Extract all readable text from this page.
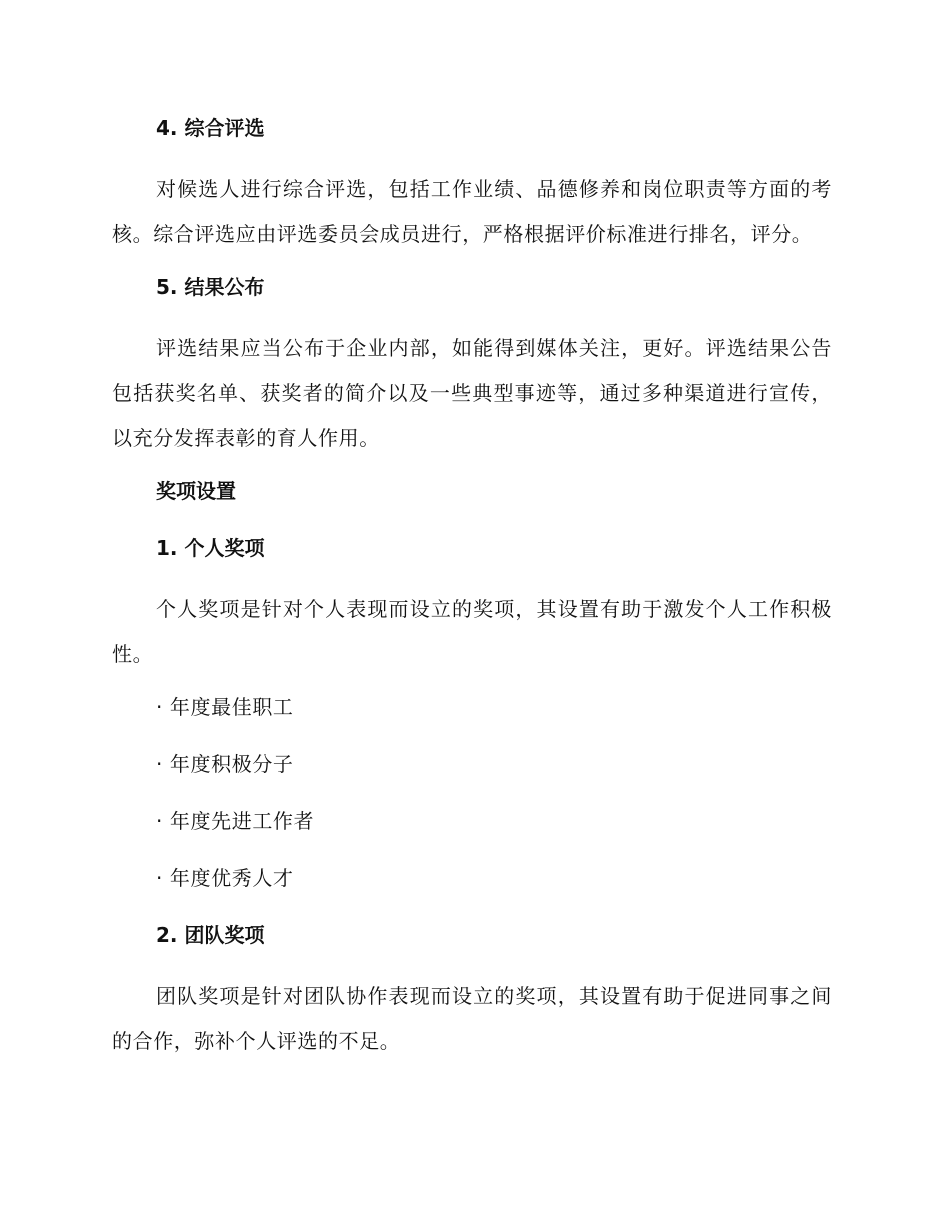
4. 综合评选

对候选人进行综合评选，包括工作业绩、品德修养和岗位职责等方面的考核。综合评选应由评选委员会成员进行，严格根据评价标准进行排名，评分。

5. 结果公布

评选结果应当公布于企业内部，如能得到媒体关注，更好。评选结果公告包括获奖名单、获奖者的简介以及一些典型事迹等，通过多种渠道进行宣传，以充分发挥表彰的育人作用。

奖项设置
1. 个人奖项

个人奖项是针对个人表现而设立的奖项，其设置有助于激发个人工作积极性。

· 年度最佳职工
· 年度积极分子
· 年度先进工作者
· 年度优秀人才
2. 团队奖项

团队奖项是针对团队协作表现而设立的奖项，其设置有助于促进同事之间的合作，弥补个人评选的不足。
